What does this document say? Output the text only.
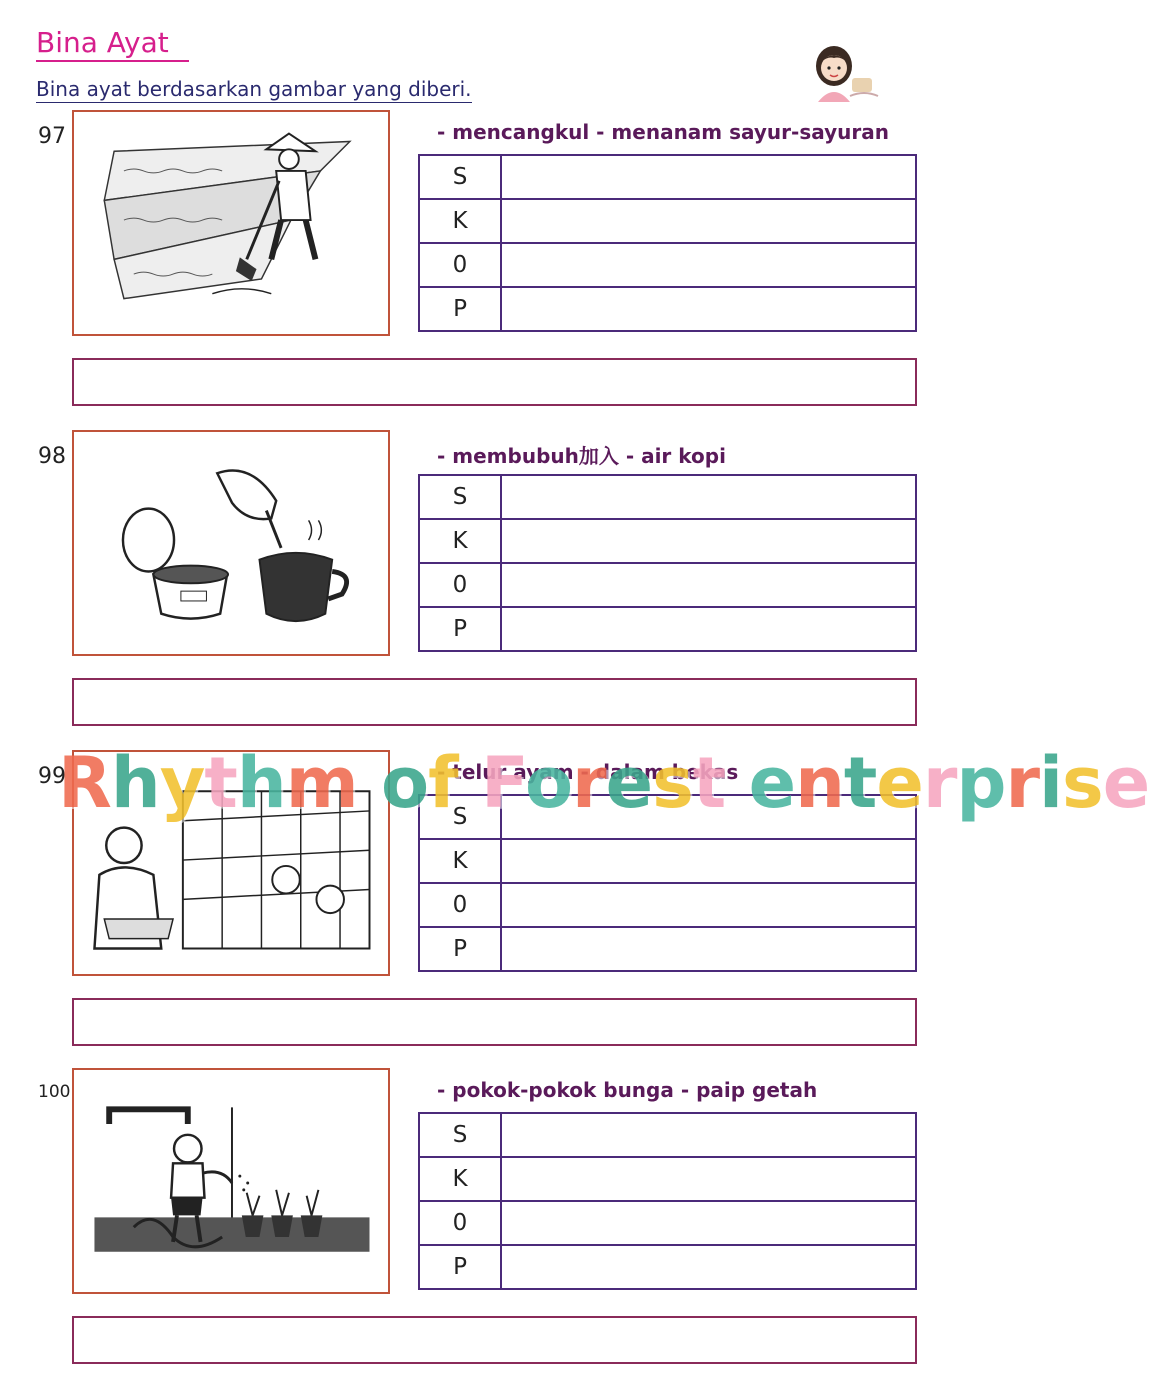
Bina Ayat
Bina ayat berdasarkan gambar yang diberi.
97	- mencangkul - menanam sayur-sayuran
S	
K	
0	
P	
98	- membubuh加入 - air kopi
S	
K	
0	
P	
99	- telur ayam - dalam bekas
S	
K	
0	
P	
100	- pokok-pokok bunga - paip getah
S	
K	
0	
P	
Rhythm of Forest enterprise
